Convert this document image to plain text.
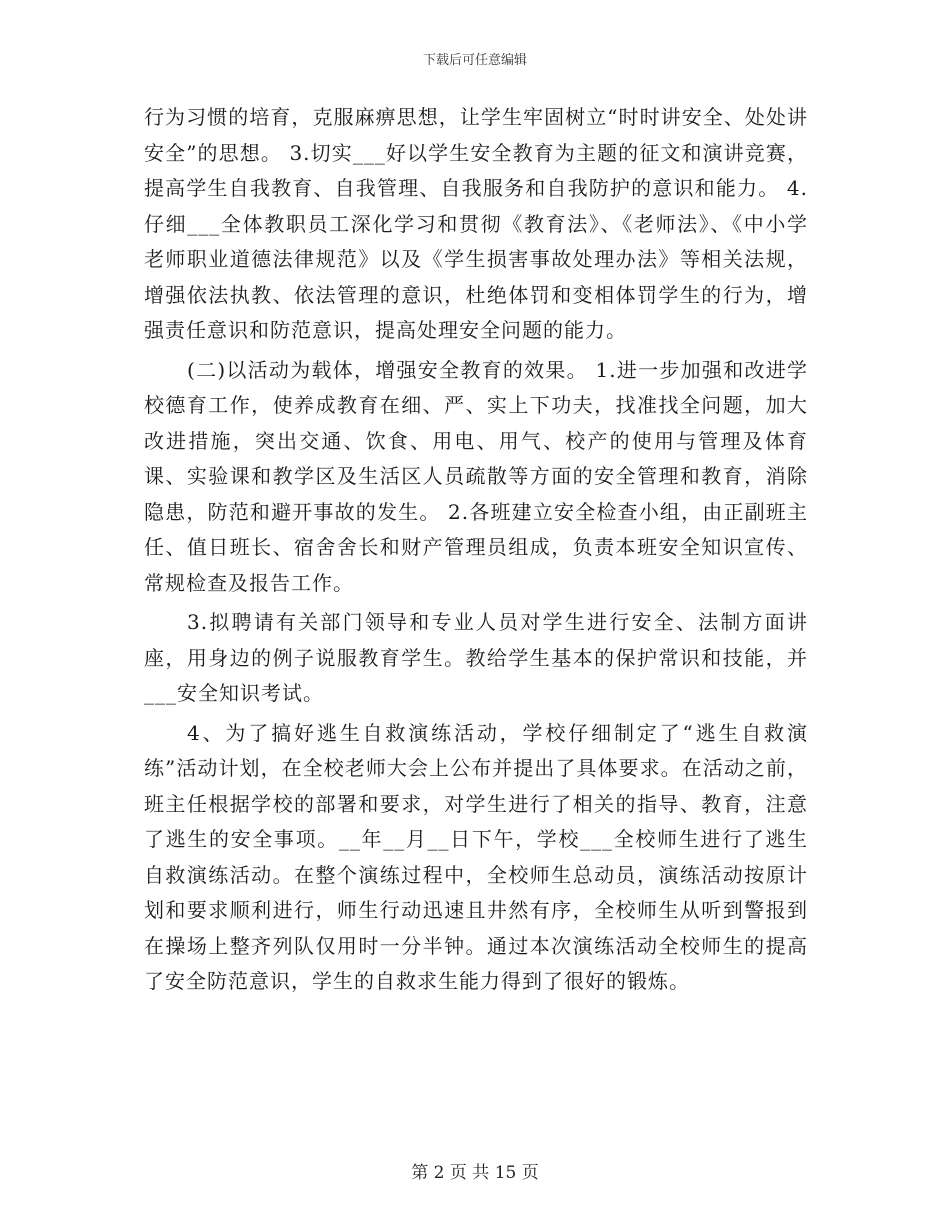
下载后可任意编辑

行为习惯的培育，克服麻痹思想，让学生牢固树立“时时讲安全、处处讲安全”的思想。 3.切实___好以学生安全教育为主题的征文和演讲竞赛，提高学生自我教育、自我管理、自我服务和自我防护的意识和能力。 4.仔细___全体教职员工深化学习和贯彻《教育法》、《老师法》、《中小学老师职业道德法律规范》以及《学生损害事故处理办法》等相关法规，增强依法执教、依法管理的意识，杜绝体罚和变相体罚学生的行为，增强责任意识和防范意识，提高处理安全问题的能力。

(二)以活动为载体，增强安全教育的效果。 1.进一步加强和改进学校德育工作，使养成教育在细、严、实上下功夫，找准找全问题，加大改进措施，突出交通、饮食、用电、用气、校产的使用与管理及体育课、实验课和教学区及生活区人员疏散等方面的安全管理和教育，消除隐患，防范和避开事故的发生。 2.各班建立安全检查小组，由正副班主任、值日班长、宿舍舍长和财产管理员组成，负责本班安全知识宣传、常规检查及报告工作。

3.拟聘请有关部门领导和专业人员对学生进行安全、法制方面讲座，用身边的例子说服教育学生。教给学生基本的保护常识和技能，并___安全知识考试。

4、为了搞好逃生自救演练活动，学校仔细制定了“逃生自救演练”活动计划，在全校老师大会上公布并提出了具体要求。在活动之前，班主任根据学校的部署和要求，对学生进行了相关的指导、教育，注意了逃生的安全事项。__年__月__日下午，学校___全校师生进行了逃生自救演练活动。在整个演练过程中，全校师生总动员，演练活动按原计划和要求顺利进行，师生行动迅速且井然有序，全校师生从听到警报到在操场上整齐列队仅用时一分半钟。通过本次演练活动全校师生的提高了安全防范意识，学生的自救求生能力得到了很好的锻炼。

第 2 页 共 15 页
